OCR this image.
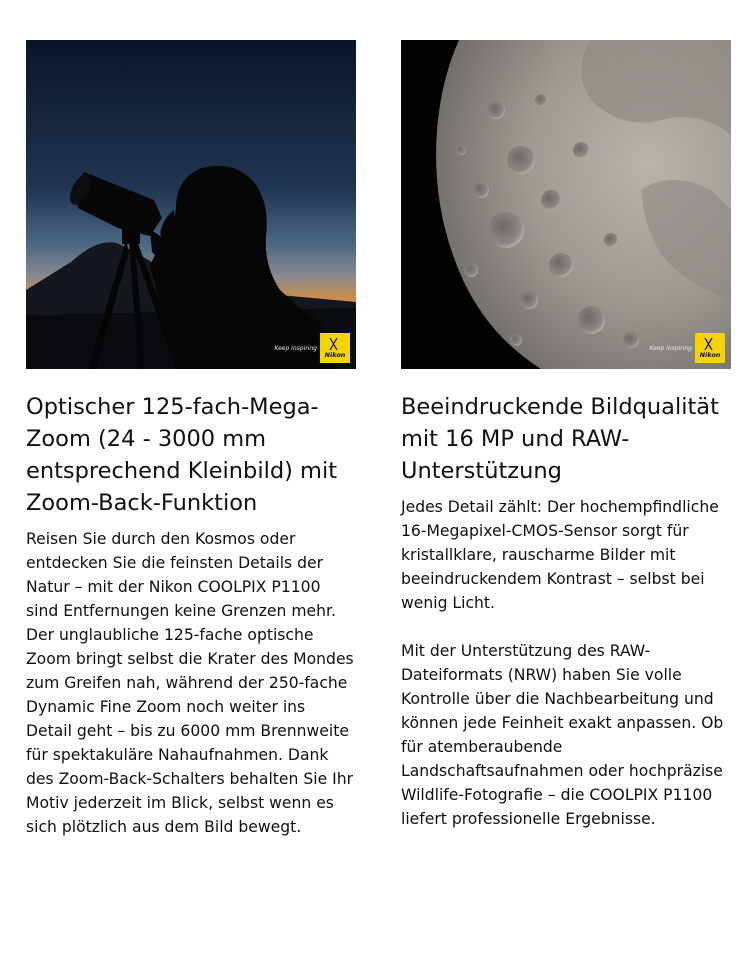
Keep inspiring
Nikon
Optischer 125-fach-Mega-Zoom (24 - 3000 mm entsprechend Kleinbild) mit Zoom-Back-Funktion

Reisen Sie durch den Kosmos oder entdecken Sie die feinsten Details der Natur – mit der Nikon COOLPIX P1100 sind Entfernungen keine Grenzen mehr. Der unglaubliche 125-fache optische Zoom bringt selbst die Krater des Mondes zum Greifen nah, während der 250-fache Dynamic Fine Zoom noch weiter ins Detail geht – bis zu 6000 mm Brennweite für spektakuläre Nahaufnahmen. Dank des Zoom-Back-Schalters behalten Sie Ihr Motiv jederzeit im Blick, selbst wenn es sich plötzlich aus dem Bild bewegt.

Keep inspiring
Nikon
Beeindruckende Bildqualität mit 16 MP und RAW-Unterstützung

Jedes Detail zählt: Der hochempfindliche 16-Megapixel-CMOS-Sensor sorgt für kristallklare, rauscharme Bilder mit beeindruckendem Kontrast – selbst bei wenig Licht.

Mit der Unterstützung des RAW-Dateiformats (NRW) haben Sie volle Kontrolle über die Nachbearbeitung und können jede Feinheit exakt anpassen. Ob für atemberaubende Landschaftsaufnahmen oder hochpräzise Wildlife-Fotografie – die COOLPIX P1100 liefert professionelle Ergebnisse.
